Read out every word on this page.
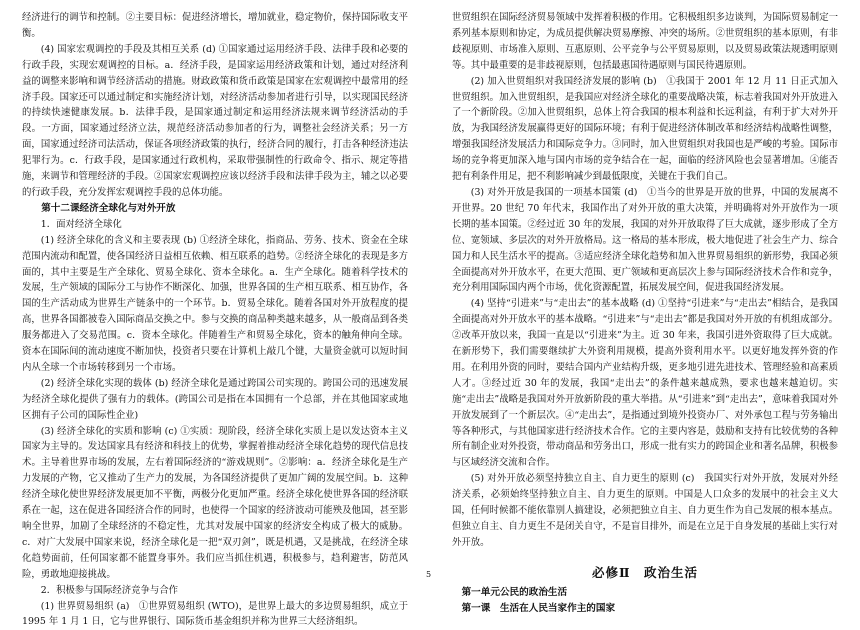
经济进行的调节和控制。②主要目标：促进经济增长，增加就业，稳定物价，保持国际收支平衡。

(4) 国家宏观调控的手段及其相互关系 (d) ①国家通过运用经济手段、法律手段和必要的行政手段，实现宏观调控的目标。a．经济手段，是国家运用经济政策和计划，通过对经济利益的调整来影响和调节经济活动的措施。财政政策和货币政策是国家在宏观调控中最常用的经济手段。国家还可以通过制定和实施经济计划，对经济活动参加者进行引导，以实现国民经济的持续快速健康发展。b．法律手段，是国家通过制定和运用经济法规来调节经济活动的手段。一方面，国家通过经济立法，规范经济活动参加者的行为，调整社会经济关系；另一方面，国家通过经济司法活动，保证各项经济政策的执行，经济合同的履行，打击各种经济违法犯罪行为。c．行政手段，是国家通过行政机构，采取带强制性的行政命令、指示、规定等措施，来调节和管理经济的手段。②国家宏观调控应该以经济手段和法律手段为主，辅之以必要的行政手段，充分发挥宏观调控手段的总体功能。

第十二课经济全球化与对外开放
1．面对经济全球化

(1) 经济全球化的含义和主要表现 (b) ①经济全球化，指商品、劳务、技术、资金在全球范围内流动和配置，使各国经济日益相互依赖、相互联系的趋势。②经济全球化的表现是多方面的，其中主要是生产全球化、贸易全球化、资本全球化。a．生产全球化。随着科学技术的发展，生产领域的国际分工与协作不断深化、加强，世界各国的生产相互联系、相互协作，各国的生产活动成为世界生产链条中的一个环节。b．贸易全球化。随着各国对外开放程度的提高，世界各国都被卷入国际商品交换之中。参与交换的商品种类越来越多，从一般商品到各类服务都进入了交易范围。c．资本全球化。伴随着生产和贸易全球化，资本的触角伸向全球。资本在国际间的流动速度不断加快，投资者只要在计算机上敲几个键，大量资金就可以短时间内从全球一个市场转移到另一个市场。

(2) 经济全球化实现的载体 (b) 经济全球化是通过跨国公司实现的。跨国公司的迅速发展为经济全球化提供了强有力的载体。(跨国公司是指在本国拥有一个总部，并在其他国家或地区拥有子公司的国际性企业)

(3) 经济全球化的实质和影响 (c) ①实质：现阶段，经济全球化实质上是以发达资本主义国家为主导的。发达国家具有经济和科技上的优势，掌握着推动经济全球化趋势的现代信息技术。主导着世界市场的发展，左右着国际经济的“游戏规则”。②影响：a．经济全球化是生产力发展的产物，它又推动了生产力的发展，为各国经济提供了更加广阔的发展空间。b．这种经济全球化使世界经济发展更加不平衡，两极分化更加严重。经济全球化使世界各国的经济联系在一起，这在促进各国经济合作的同时，也使得一个国家的经济波动可能殃及他国，甚至影响全世界，加剧了全球经济的不稳定性，尤其对发展中国家的经济安全构成了极大的威胁。c．对广大发展中国家来说，经济全球化是一把“双刃剑”，既是机遇，又是挑战，在经济全球化趋势面前，任何国家都不能置身事外。我们应当抓住机遇，积极参与，趋利避害，防范风险，勇敢地迎接挑战。

2．积极参与国际经济竞争与合作

(1) 世界贸易组织 (a)　①世界贸易组织 (WTO)，是世界上最大的多边贸易组织，成立于 1995 年 1 月 1 日，它与世界银行、国际货币基金组织并称为世界三大经济组织。

世贸组织在国际经济贸易领域中发挥着积极的作用。它积极组织多边谈判，为国际贸易制定一系列基本原则和协定，为成员提供解决贸易摩擦、冲突的场所。②世贸组织的基本原则，有非歧视原则、市场准入原则、互惠原则、公平竞争与公平贸易原则，以及贸易政策法规透明原则等。其中最重要的是非歧视原则，包括最惠国待遇原则与国民待遇原则。

(2) 加入世贸组织对我国经济发展的影响 (b)　①我国于 2001 年 12 月 11 日正式加入世贸组织。加入世贸组织，是我国应对经济全球化的重要战略决策，标志着我国对外开放进入了一个新阶段。②加入世贸组织，总体上符合我国的根本利益和长远利益，有利于扩大对外开放，为我国经济发展赢得更好的国际环境；有利于促进经济体制改革和经济结构战略性调整，增强我国经济发展活力和国际竞争力。③同时，加入世贸组织对我国也是严峻的考验。国际市场的竞争将更加深入地与国内市场的竞争结合在一起，面临的经济风险也会显著增加。④能否把有利条件用足，把不利影响减少到最低限度，关键在于我们自己。

(3) 对外开放是我国的一项基本国策 (d)　①当今的世界是开放的世界，中国的发展离不开世界。20 世纪 70 年代末，我国作出了对外开放的重大决策，并明确将对外开放作为一项长期的基本国策。②经过近 30 年的发展，我国的对外开放取得了巨大成就，逐步形成了全方位、宽领域、多层次的对外开放格局。这一格局的基本形成，极大地促进了社会生产力、综合国力和人民生活水平的提高。③适应经济全球化趋势和加入世界贸易组织的新形势，我国必须全面提高对外开放水平，在更大范围、更广领域和更高层次上参与国际经济技术合作和竞争，充分利用国际国内两个市场，优化资源配置，拓展发展空间，促进我国经济发展。

(4) 坚持“引进来”与“走出去”的基本战略 (d) ①坚持“引进来”与“走出去”相结合，是我国全面提高对外开放水平的基本战略。“引进来”与“走出去”都是我国对外开放的有机组成部分。②改革开放以来，我国一直是以“引进来”为主。近 30 年来，我国引进外资取得了巨大成就。在新形势下，我们需要继续扩大外资利用规模，提高外资利用水平。以更好地发挥外资的作用。在利用外资的同时，要结合国内产业结构升级，更多地引进先进技术、管理经验和高素质人才。③经过近 30 年的发展，我国“走出去”的条件越来越成熟，要求也越来越迫切。实施“走出去”战略是我国对外开放新阶段的重大举措。从“引进来”到“走出去”，意味着我国对外开放发展到了一个新层次。④“走出去”，是指通过到境外投资办厂、对外承包工程与劳务输出等各种形式，与其他国家进行经济技术合作。它的主要内容是，鼓励和支持有比较优势的各种所有制企业对外投资，带动商品和劳务出口，形成一批有实力的跨国企业和著名品牌，积极参与区域经济交流和合作。

(5) 对外开放必须坚持独立自主、自力更生的原则 (c)　我国实行对外开放，发展对外经济关系，必须始终坚持独立自主、自力更生的原则。中国是人口众多的发展中的社会主义大国，任何时候都不能依靠别人搞建设，必须把独立自主、自力更生作为自己发展的根本基点。但独立自主、自力更生不是闭关自守，不是盲目排外，而是在立足于自身发展的基础上实行对外开放。

必修Ⅱ　政治生活
第一单元公民的政治生活
第一课　生活在人民当家作主的国家
5
